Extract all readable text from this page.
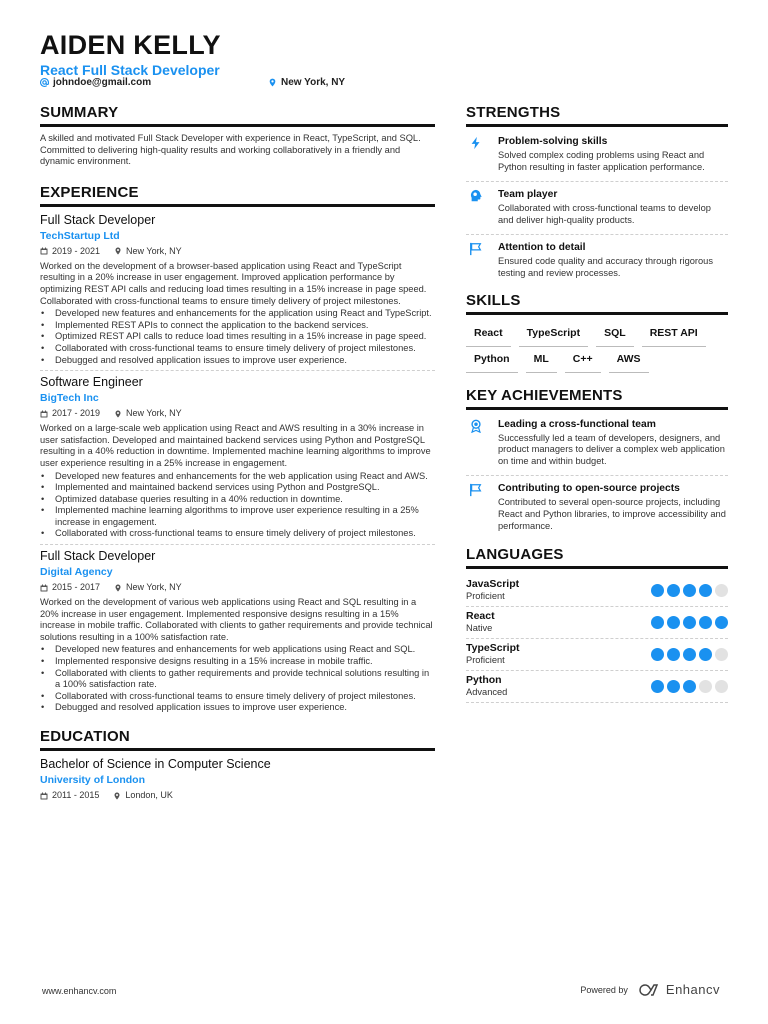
AIDEN KELLY
React Full Stack Developer
johndoe@gmail.com	New York, NY
SUMMARY
A skilled and motivated Full Stack Developer with experience in React, TypeScript, and SQL. Committed to delivering high-quality results and working collaboratively in a friendly and dynamic environment.
EXPERIENCE
Full Stack Developer
TechStartup Ltd
2019 - 2021	New York, NY
Worked on the development of a browser-based application using React and TypeScript resulting in a 20% increase in user engagement. Improved application performance by optimizing REST API calls and reducing load times resulting in a 15% increase in page speed. Collaborated with cross-functional teams to ensure timely delivery of project milestones.
• Developed new features and enhancements for the application using React and TypeScript.
• Implemented REST APIs to connect the application to the backend services.
• Optimized REST API calls to reduce load times resulting in a 15% increase in page speed.
• Collaborated with cross-functional teams to ensure timely delivery of project milestones.
• Debugged and resolved application issues to improve user experience.
Software Engineer
BigTech Inc
2017 - 2019	New York, NY
Worked on a large-scale web application using React and AWS resulting in a 30% increase in user satisfaction. Developed and maintained backend services using Python and PostgreSQL resulting in a 40% reduction in downtime. Implemented machine learning algorithms to improve user experience resulting in a 25% increase in engagement.
• Developed new features and enhancements for the web application using React and AWS.
• Implemented and maintained backend services using Python and PostgreSQL.
• Optimized database queries resulting in a 40% reduction in downtime.
• Implemented machine learning algorithms to improve user experience resulting in a 25% increase in engagement.
• Collaborated with cross-functional teams to ensure timely delivery of project milestones.
Full Stack Developer
Digital Agency
2015 - 2017	New York, NY
Worked on the development of various web applications using React and SQL resulting in a 20% increase in user engagement. Implemented responsive designs resulting in a 15% increase in mobile traffic. Collaborated with clients to gather requirements and provide technical solutions resulting in a 100% satisfaction rate.
• Developed new features and enhancements for web applications using React and SQL.
• Implemented responsive designs resulting in a 15% increase in mobile traffic.
• Collaborated with clients to gather requirements and provide technical solutions resulting in a 100% satisfaction rate.
• Collaborated with cross-functional teams to ensure timely delivery of project milestones.
• Debugged and resolved application issues to improve user experience.
EDUCATION
Bachelor of Science in Computer Science
University of London
2011 - 2015	London, UK
STRENGTHS
Problem-solving skills
Solved complex coding problems using React and Python resulting in faster application performance.
Team player
Collaborated with cross-functional teams to develop and deliver high-quality products.
Attention to detail
Ensured code quality and accuracy through rigorous testing and review processes.
SKILLS
React	TypeScript	SQL	REST API
Python	ML	C++	AWS
KEY ACHIEVEMENTS
Leading a cross-functional team
Successfully led a team of developers, designers, and product managers to deliver a complex web application on time and within budget.
Contributing to open-source projects
Contributed to several open-source projects, including React and Python libraries, to improve accessibility and performance.
LANGUAGES
JavaScript
Proficient
React
Native
TypeScript
Proficient
Python
Advanced
www.enhancv.com	Powered by	Enhancv
